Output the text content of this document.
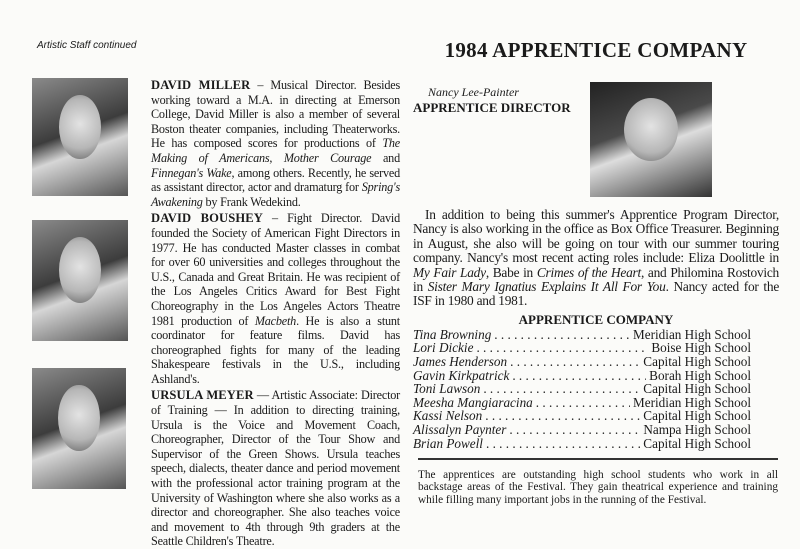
Artistic Staff continued
DAVID MILLER – Musical Director. Besides working toward a M.A. in directing at Emerson College, David Miller is also a member of several Boston theater companies, including Theaterworks. He has composed scores for productions of The Making of Americans, Mother Courage and Finnegan's Wake, among others. Recently, he served as assistant director, actor and dramaturg for Spring's Awakening by Frank Wedekind.
DAVID BOUSHEY – Fight Director. David founded the Society of American Fight Directors in 1977. He has conducted Master classes in combat for over 60 universities and colleges throughout the U.S., Canada and Great Britain. He was recipient of the Los Angeles Critics Award for Best Fight Choreography in the Los Angeles Actors Theatre 1981 production of Macbeth. He is also a stunt coordinator for feature films. David has choreographed fights for many of the leading Shakespeare festivals in the U.S., including Ashland's.
URSULA MEYER — Artistic Associate: Director of Training — In addition to directing training, Ursula is the Voice and Movement Coach, Choreographer, Director of the Tour Show and Supervisor of the Green Shows. Ursula teaches speech, dialects, theater dance and period movement with the professional actor training program at the University of Washington where she also works as a director and choreographer. She also teaches voice and movement to 4th through 9th graders at the Seattle Children's Theatre.
1984 APPRENTICE COMPANY
Nancy Lee-Painter
APPRENTICE DIRECTOR
In addition to being this summer's Apprentice Program Director, Nancy is also working in the office as Box Office Treasurer. Beginning in August, she also will be going on tour with our summer touring company. Nancy's most recent acting roles include: Eliza Doolittle in My Fair Lady, Babe in Crimes of the Heart, and Philomina Rostovich in Sister Mary Ignatius Explains It All For You. Nancy acted for the ISF in 1980 and 1981.
APPRENTICE COMPANY
Tina Browning . . .	Meridian High School
Lori Dickie . . .	Boise High School
James Henderson . . .	Capital High School
Gavin Kirkpatrick . . .	Borah High School
Toni Lawson . . .	Capital High School
Meesha Mangiaracina . . .	Meridian High School
Kassi Nelson . . .	Capital High School
Alissalyn Paynter . . .	Nampa High School
Brian Powell . . .	Capital High School
The apprentices are outstanding high school students who work in all backstage areas of the Festival. They gain theatrical experience and training while filling many important jobs in the running of the Festival.
